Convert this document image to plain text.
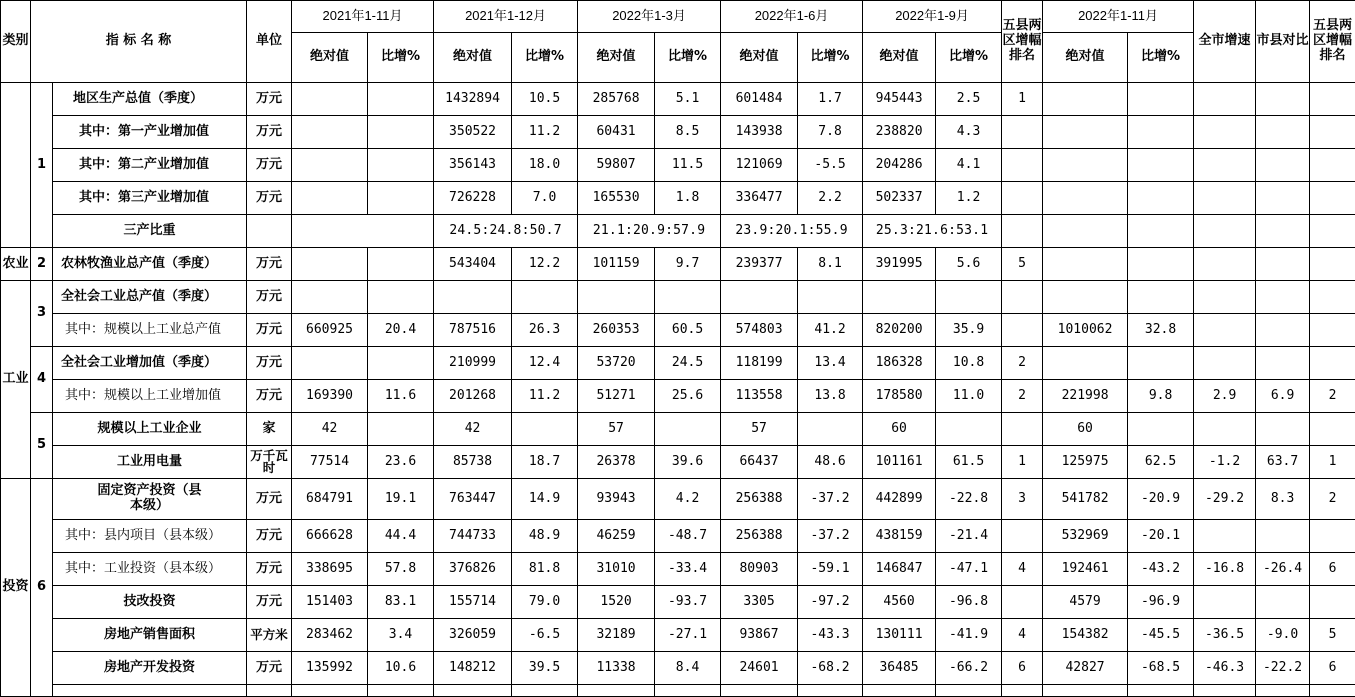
类别	指 标 名 称		单位	2021年1-11月		2021年1-12月		2022年1-3月		2022年1-6月		2022年1-9月		五县两区增幅排名	2022年1-11月		全市增速	市县对比	五县两区增幅排名
				绝对值	比增%	绝对值	比增%	绝对值	比增%	绝对值	比增%	绝对值	比增%		绝对值	比增%			
	1	地区生产总值（季度）	万元			1432894	10.5	285768	5.1	601484	1.7	945443	2.5	1					
		其中：第一产业增加值	万元			350522	11.2	60431	8.5	143938	7.8	238820	4.3						
		其中：第二产业增加值	万元			356143	18.0	59807	11.5	121069	-5.5	204286	4.1						
		其中：第三产业增加值	万元			726228	7.0	165530	1.8	336477	2.2	502337	1.2						
		三产比重				24.5:24.8:50.7		21.1:20.9:57.9		23.9:20.1:55.9		25.3:21.6:53.1							
农业	2	农林牧渔业总产值（季度）	万元			543404	12.2	101159	9.7	239377	8.1	391995	5.6	5					
工业	3	全社会工业总产值（季度）	万元																
		其中：规模以上工业总产值	万元	660925	20.4	787516	26.3	260353	60.5	574803	41.2	820200	35.9		1010062	32.8			
	4	全社会工业增加值（季度）	万元			210999	12.4	53720	24.5	118199	13.4	186328	10.8	2					
		其中：规模以上工业增加值	万元	169390	11.6	201268	11.2	51271	25.6	113558	13.8	178580	11.0	2	221998	9.8	2.9	6.9	2
	5	规模以上工业企业	家	42		42		57		57		60			60				
		工业用电量	万千瓦时	77514	23.6	85738	18.7	26378	39.6	66437	48.6	101161	61.5	1	125975	62.5	-1.2	63.7	1
投资	6	固定资产投资（县本级）	万元	684791	19.1	763447	14.9	93943	4.2	256388	-37.2	442899	-22.8	3	541782	-20.9	-29.2	8.3	2
		其中：县内项目（县本级）	万元	666628	44.4	744733	48.9	46259	-48.7	256388	-37.2	438159	-21.4		532969	-20.1			
		其中：工业投资（县本级）	万元	338695	57.8	376826	81.8	31010	-33.4	80903	-59.1	146847	-47.1	4	192461	-43.2	-16.8	-26.4	6
		技改投资	万元	151403	83.1	155714	79.0	1520	-93.7	3305	-97.2	4560	-96.8		4579	-96.9			
		房地产销售面积	平方米	283462	3.4	326059	-6.5	32189	-27.1	93867	-43.3	130111	-41.9	4	154382	-45.5	-36.5	-9.0	5
		房地产开发投资	万元	135992	10.6	148212	39.5	11338	8.4	24601	-68.2	36485	-66.2	6	42827	-68.5	-46.3	-22.2	6
